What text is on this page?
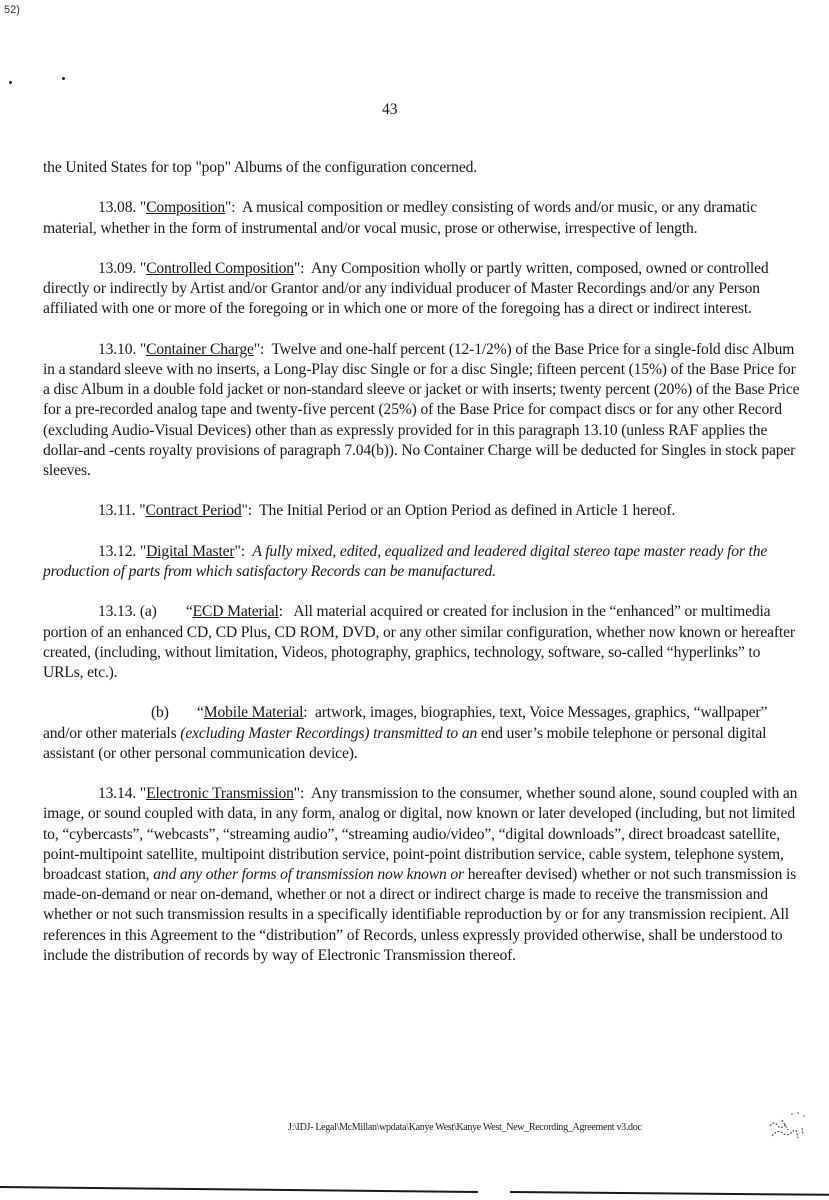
52)
43

the United States for top "pop" Albums of the configuration concerned.

13.08. "Composition":  A musical composition or medley consisting of words and/or music, or any dramatic material, whether in the form of instrumental and/or vocal music, prose or otherwise, irrespective of length.

13.09. "Controlled Composition":  Any Composition wholly or partly written, composed, owned or controlled directly or indirectly by Artist and/or Grantor and/or any individual producer of Master Recordings and/or any Person affiliated with one or more of the foregoing or in which one or more of the foregoing has a direct or indirect interest.

13.10. "Container Charge":  Twelve and one-half percent (12-1/2%) of the Base Price for a single-fold disc Album in a standard sleeve with no inserts, a Long-Play disc Single or for a disc Single; fifteen percent (15%) of the Base Price for a disc Album in a double fold jacket or non-standard sleeve or jacket or with inserts; twenty percent (20%) of the Base Price for a pre-recorded analog tape and twenty-five percent (25%) of the Base Price for compact discs or for any other Record (excluding Audio-Visual Devices) other than as expressly provided for in this paragraph 13.10 (unless RAF applies the dollar-and -cents royalty provisions of paragraph 7.04(b)). No Container Charge will be deducted for Singles in stock paper sleeves.

13.11. "Contract Period":  The Initial Period or an Option Period as defined in Article 1 hereof.

13.12. "Digital Master":  A fully mixed, edited, equalized and leadered digital stereo tape master ready for the production of parts from which satisfactory Records can be manufactured.

13.13. (a) “ECD Material:   All material acquired or created for inclusion in the “enhanced” or multimedia portion of an enhanced CD, CD Plus, CD ROM, DVD, or any other similar configuration, whether now known or hereafter created, (including, without limitation, Videos, photography, graphics, technology, software, so-called “hyperlinks” to URLs, etc.).

(b) “Mobile Material:  artwork, images, biographies, text, Voice Messages, graphics, “wallpaper” and/or other materials (excluding Master Recordings) transmitted to an end user’s mobile telephone or personal digital assistant (or other personal communication device).

13.14. "Electronic Transmission":  Any transmission to the consumer, whether sound alone, sound coupled with an image, or sound coupled with data, in any form, analog or digital, now known or later developed (including, but not limited to, “cybercasts”, “webcasts”, “streaming audio”, “streaming audio/video”, “digital downloads”, direct broadcast satellite, point-multipoint satellite, multipoint distribution service, point-point distribution service, cable system, telephone system, broadcast station, and any other forms of transmission now known or hereafter devised) whether or not such transmission is made-on-demand or near on-demand, whether or not a direct or indirect charge is made to receive the transmission and whether or not such transmission results in a specifically identifiable reproduction by or for any transmission recipient. All references in this Agreement to the “distribution” of Records, unless expressly provided otherwise, shall be understood to include the distribution of records by way of Electronic Transmission thereof.

J:\IDJ- Legal\McMillan\wpdata\Kanye West\Kanye West_New_Recording_Agreement v3.doc
